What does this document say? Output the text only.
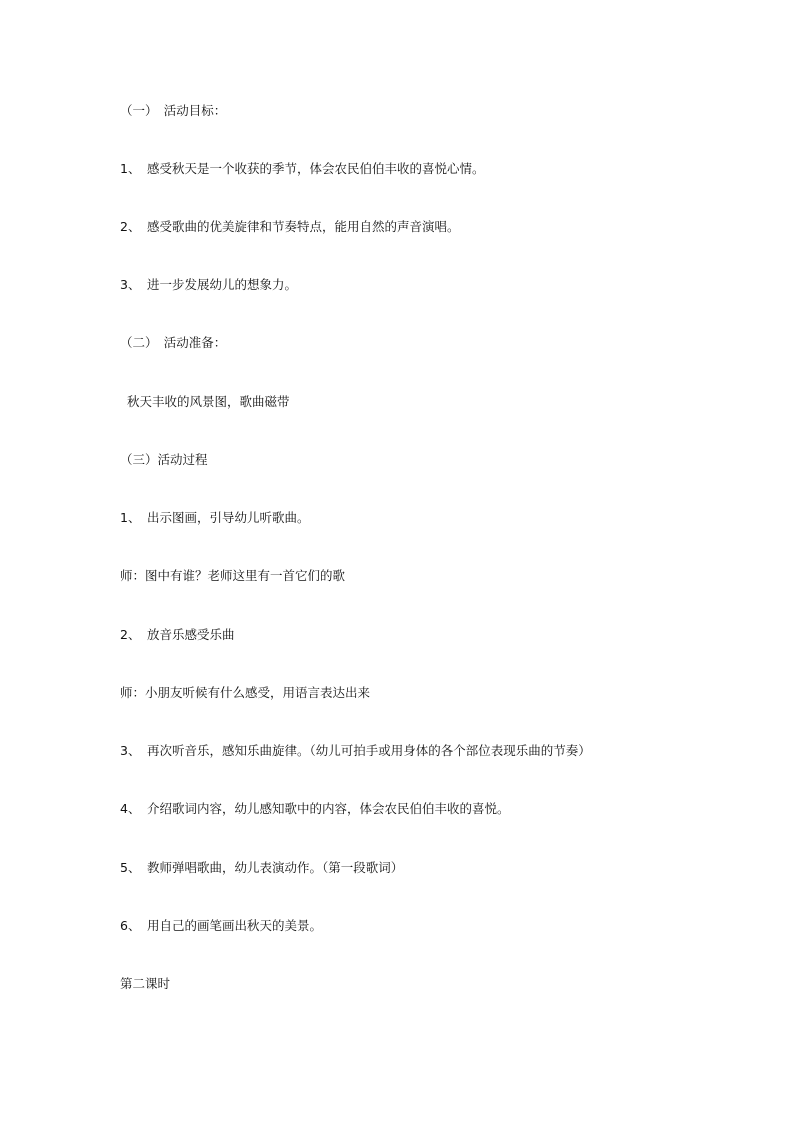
（一）　活动目标：
1、 感受秋天是一个收获的季节，体会农民伯伯丰收的喜悦心情。
2、 感受歌曲的优美旋律和节奏特点，能用自然的声音演唱。
3、 进一步发展幼儿的想象力。
（二）　活动准备：
秋天丰收的风景图，歌曲磁带
（三）活动过程
1、 出示图画，引导幼儿听歌曲。
师：图中有谁？老师这里有一首它们的歌
2、 放音乐感受乐曲
师：小朋友听候有什么感受，用语言表达出来
3、 再次听音乐，感知乐曲旋律。（幼儿可拍手或用身体的各个部位表现乐曲的节奏）
4、 介绍歌词内容，幼儿感知歌中的内容，体会农民伯伯丰收的喜悦。
5、 教师弹唱歌曲，幼儿表演动作。（第一段歌词）
6、 用自己的画笔画出秋天的美景。
第二课时
